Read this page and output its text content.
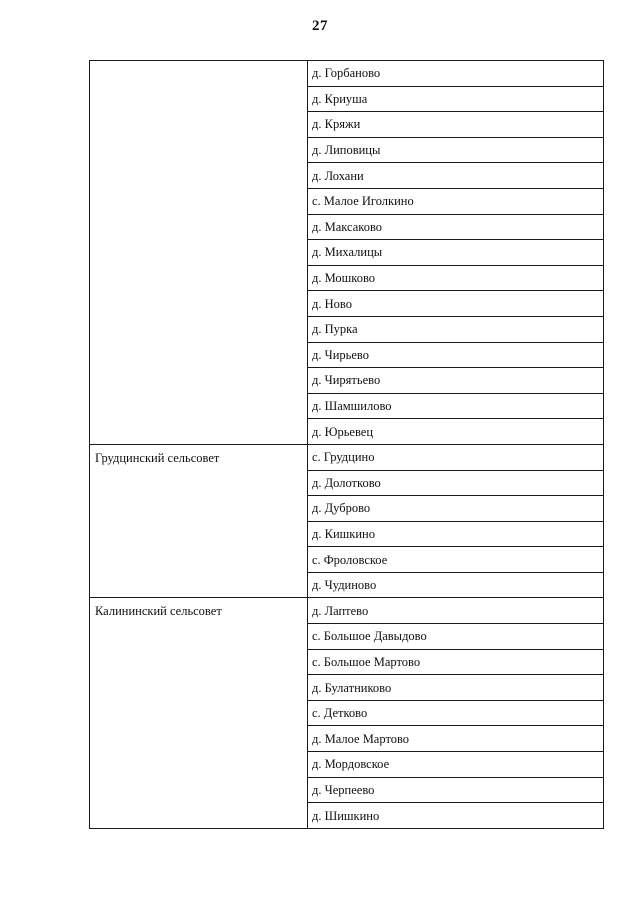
27
	д. Горбаново
	д. Криуша
	д. Кряжи
	д. Липовицы
	д. Лохани
	с. Малое Иголкино
	д. Максаково
	д. Михалицы
	д. Мошково
	д. Ново
	д. Пурка
	д. Чирьево
	д. Чирятьево
	д. Шамшилово
	д. Юрьевец
Грудцинский сельсовет	с. Грудцино
	д. Долотково
	д. Дуброво
	д. Кишкино
	с. Фроловское
	д. Чудиново
Калининский сельсовет	д. Лаптево
	с. Большое Давыдово
	с. Большое Мартово
	д. Булатниково
	с. Детково
	д. Малое Мартово
	д. Мордовское
	д. Черпеево
	д. Шишкино
